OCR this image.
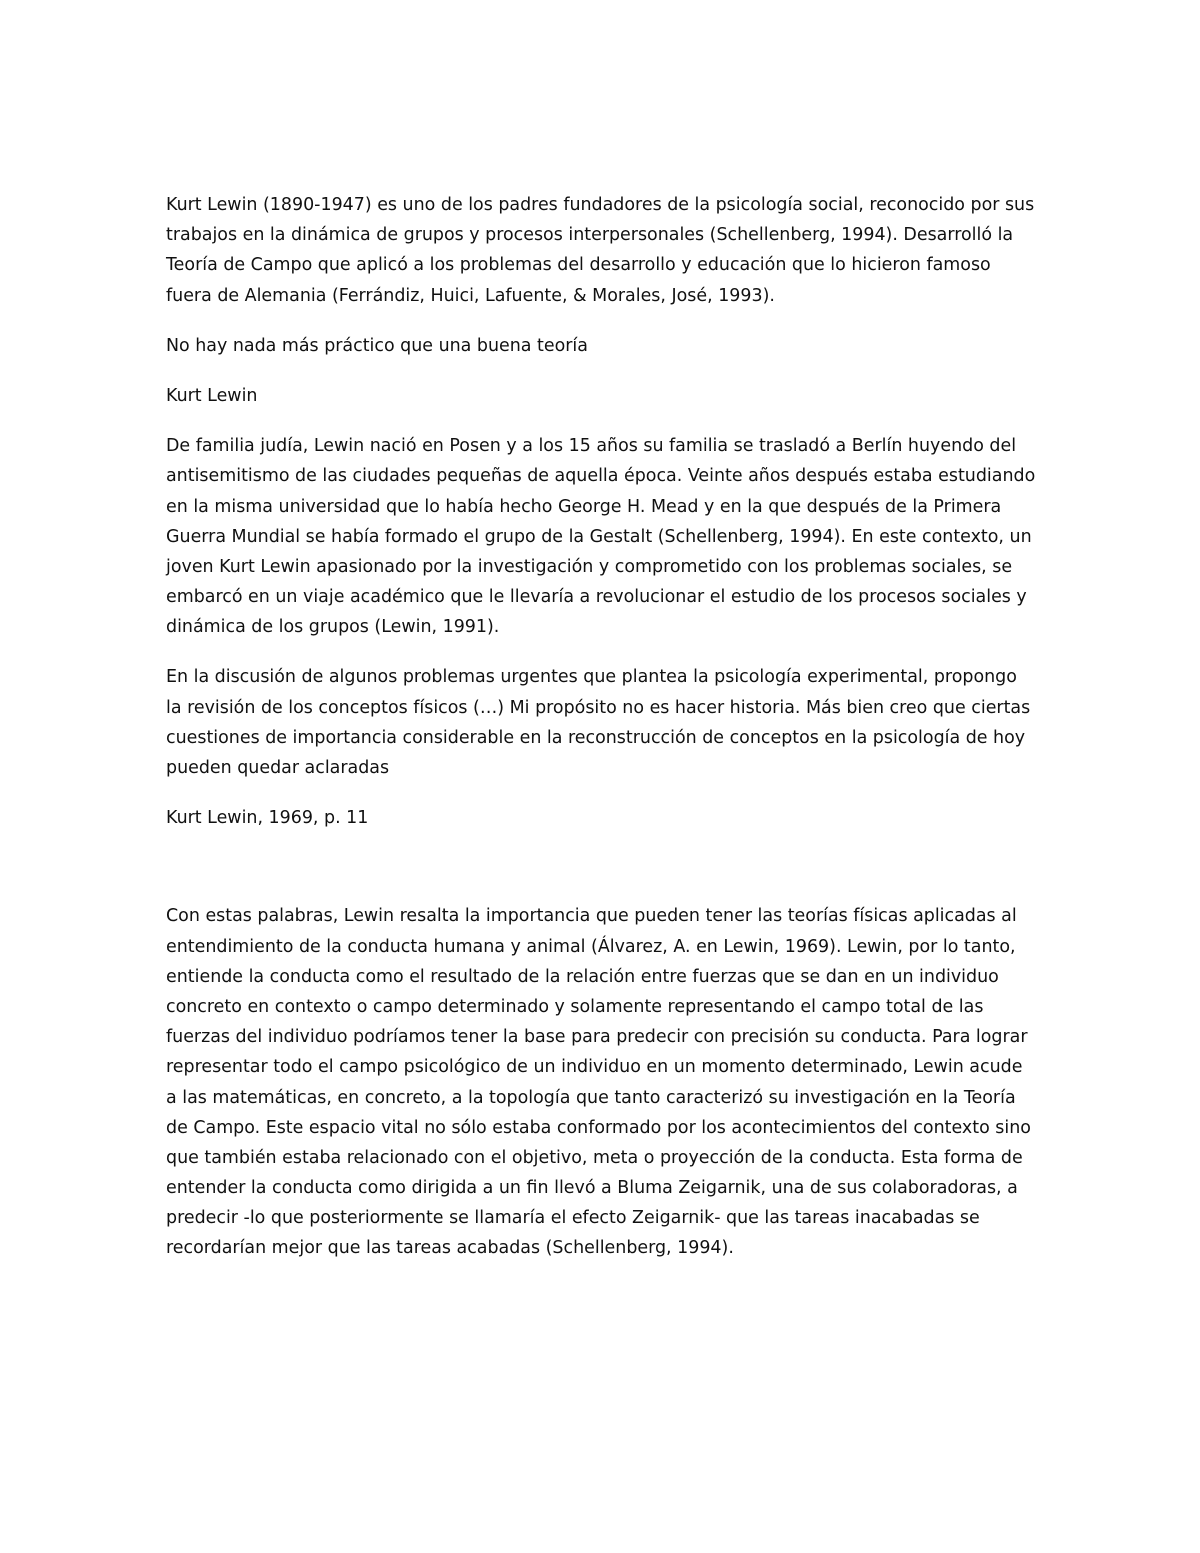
Kurt Lewin (1890-1947) es uno de los padres fundadores de la psicología social, reconocido por sus
trabajos en la dinámica de grupos y procesos interpersonales (Schellenberg, 1994). Desarrolló la
Teoría de Campo que aplicó a los problemas del desarrollo y educación que lo hicieron famoso
fuera de Alemania (Ferrándiz, Huici, Lafuente, & Morales, José, 1993).
No hay nada más práctico que una buena teoría
Kurt Lewin
De familia judía, Lewin nació en Posen y a los 15 años su familia se trasladó a Berlín huyendo del
antisemitismo de las ciudades pequeñas de aquella época. Veinte años después estaba estudiando
en la misma universidad que lo había hecho George H. Mead y en la que después de la Primera
Guerra Mundial se había formado el grupo de la Gestalt (Schellenberg, 1994). En este contexto, un
joven Kurt Lewin apasionado por la investigación y comprometido con los problemas sociales, se
embarcó en un viaje académico que le llevaría a revolucionar el estudio de los procesos sociales y
dinámica de los grupos (Lewin, 1991).
En la discusión de algunos problemas urgentes que plantea la psicología experimental, propongo
la revisión de los conceptos físicos (…) Mi propósito no es hacer historia. Más bien creo que ciertas
cuestiones de importancia considerable en la reconstrucción de conceptos en la psicología de hoy
pueden quedar aclaradas
Kurt Lewin, 1969, p. 11
Con estas palabras, Lewin resalta la importancia que pueden tener las teorías físicas aplicadas al
entendimiento de la conducta humana y animal (Álvarez, A. en Lewin, 1969). Lewin, por lo tanto,
entiende la conducta como el resultado de la relación entre fuerzas que se dan en un individuo
concreto en contexto o campo determinado y solamente representando el campo total de las
fuerzas del individuo podríamos tener la base para predecir con precisión su conducta. Para lograr
representar todo el campo psicológico de un individuo en un momento determinado, Lewin acude
a las matemáticas, en concreto, a la topología que tanto caracterizó su investigación en la Teoría
de Campo. Este espacio vital no sólo estaba conformado por los acontecimientos del contexto sino
que también estaba relacionado con el objetivo, meta o proyección de la conducta. Esta forma de
entender la conducta como dirigida a un fin llevó a Bluma Zeigarnik, una de sus colaboradoras, a
predecir -lo que posteriormente se llamaría el efecto Zeigarnik- que las tareas inacabadas se
recordarían mejor que las tareas acabadas (Schellenberg, 1994).
